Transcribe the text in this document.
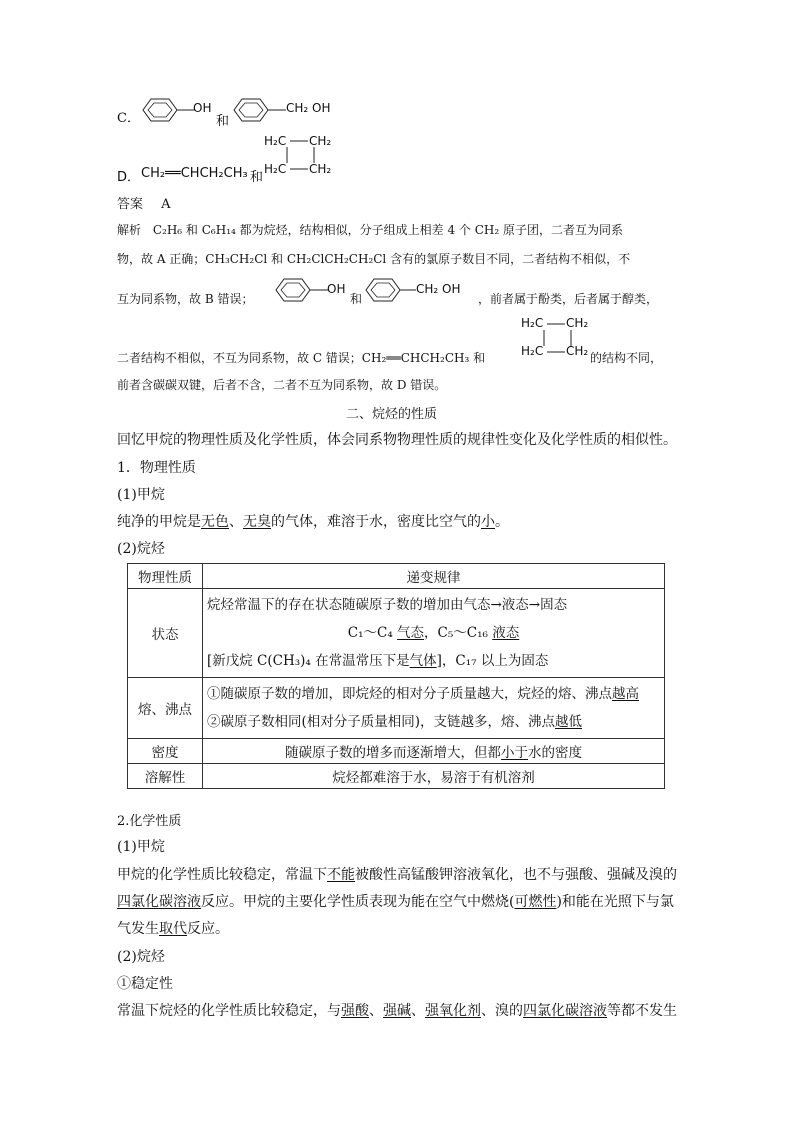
C．
OH
和
CH₂ OH
D． CH₂══CHCH₂CH₃ 和
H₂C CH₂
H₂C CH₂
答案 A
解析 C₂H₆ 和 C₆H₁₄ 都为烷烃，结构相似，分子组成上相差 4 个 CH₂ 原子团，二者互为同系
物，故 A 正确；CH₃CH₂Cl 和 CH₂ClCH₂CH₂Cl 含有的氯原子数目不同，二者结构不相似，不
互为同系物，故 B 错误；
OH
和
CH₂ OH
，前者属于酚类，后者属于醇类，
二者结构不相似，不互为同系物，故 C 错误；CH₂══CHCH₂CH₃ 和
H₂C CH₂
H₂C CH₂ 的结构不同，
前者含碳碳双键，后者不含，二者不互为同系物，故 D 错误。
二、烷烃的性质
回忆甲烷的物理性质及化学性质，体会同系物物理性质的规律性变化及化学性质的相似性。
1．物理性质
(1)甲烷
纯净的甲烷是无色、无臭的气体，难溶于水，密度比空气的小。
(2)烷烃
物理性质	递变规律
状态	烷烃常温下的存在状态随碳原子数的增加由气态→液态→固态
C₁～C₄ 气态，C₅～C₁₆ 液态
[新戊烷 C(CH₃)₄ 在常温常压下是气体]，C₁₇ 以上为固态

熔、沸点	①随碳原子数的增加，即烷烃的相对分子质量越大，烷烃的熔、沸点越高
②碳原子数相同(相对分子质量相同)，支链越多，熔、沸点越低

密度	随碳原子数的增多而逐渐增大，但都小于水的密度
溶解性	烷烃都难溶于水，易溶于有机溶剂
2.化学性质
(1)甲烷
甲烷的化学性质比较稳定，常温下不能被酸性高锰酸钾溶液氧化，也不与强酸、强碱及溴的
四氯化碳溶液反应。甲烷的主要化学性质表现为能在空气中燃烧(可燃性)和能在光照下与氯
气发生取代反应。
(2)烷烃
①稳定性
常温下烷烃的化学性质比较稳定，与强酸、强碱、强氧化剂、溴的四氯化碳溶液等都不发生
